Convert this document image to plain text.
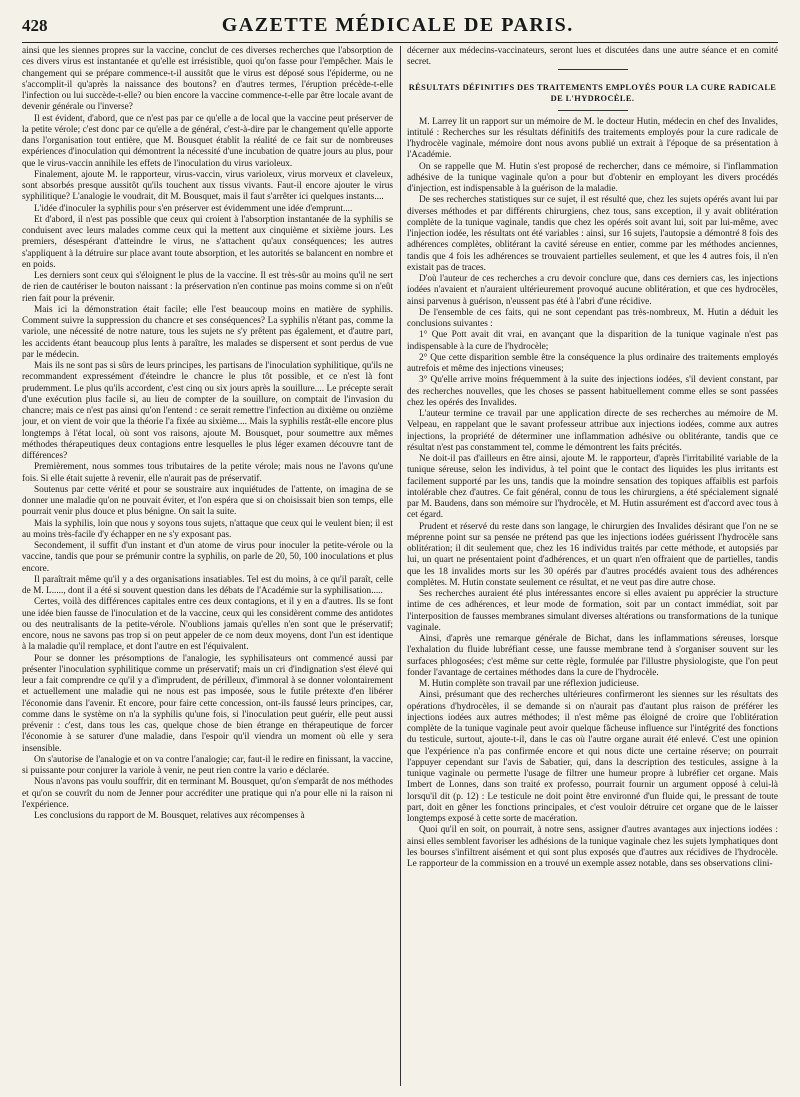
428	GAZETTE MÉDICALE DE PARIS.

ainsi que les siennes propres sur la vaccine, conclut de ces diverses recherches que l'absorption de ces divers virus est instantanée et qu'elle est irrésistible, quoi qu'on fasse pour l'empêcher. Mais le changement qui se prépare commence-t-il aussitôt que le virus est déposé sous l'épiderme, ou ne s'accomplit-il qu'après la naissance des boutons? en d'autres termes, l'éruption précède-t-elle l'infection ou lui succède-t-elle? ou bien encore la vaccine commence-t-elle par être locale avant de devenir générale ou l'inverse?

Il est évident, d'abord, que ce n'est pas par ce qu'elle a de local que la vaccine peut préserver de la petite vérole; c'est donc par ce qu'elle a de général, c'est-à-dire par le changement qu'elle apporte dans l'organisation tout entière, que M. Bousquet établit la réalité de ce fait sur de nombreuses expériences d'inoculation qui démontrent la nécessité d'une incubation de quatre jours au plus, pour que le virus-vaccin annihile les effets de l'inoculation du virus varioleux.

Finalement, ajoute M. le rapporteur, virus-vaccin, virus varioleux, virus morveux et claveleux, sont absorbés presque aussitôt qu'ils touchent aux tissus vivants. Faut-il encore ajouter le virus syphilitique? L'analogie le voudrait, dit M. Bousquet, mais il faut s'arrêter ici quelques instants....

L'idée d'inoculer la syphilis pour s'en préserver est évidemment une idée d'emprunt....

Et d'abord, il n'est pas possible que ceux qui croient à l'absorption instantanée de la syphilis se conduisent avec leurs malades comme ceux qui la mettent aux cinquième et sixième jours. Les premiers, désespérant d'atteindre le virus, ne s'attachent qu'aux conséquences; les autres s'appliquent à la détruire sur place avant toute absorption, et les autorités se balancent en nombre et en poids.

Les derniers sont ceux qui s'éloignent le plus de la vaccine. Il est très-sûr au moins qu'il ne sert de rien de cautériser le bouton naissant : la préservation n'en continue pas moins comme si on n'eût rien fait pour la prévenir.

Mais ici la démonstration était facile; elle l'est beaucoup moins en matière de syphilis. Comment suivre la suppression du chancre et ses conséquences? La syphilis n'étant pas, comme la variole, une nécessité de notre nature, tous les sujets ne s'y prêtent pas également, et d'autre part, les accidents étant beaucoup plus lents à paraître, les malades se dispersent et sont perdus de vue par le médecin.

Mais ils ne sont pas si sûrs de leurs principes, les partisans de l'inoculation syphilitique, qu'ils ne recommandent expressément d'éteindre le chancre le plus tôt possible, et ce n'est là font prudemment. Le plus qu'ils accordent, c'est cinq ou six jours après la souillure.... Le précepte serait d'une exécution plus facile si, au lieu de compter de la souillure, on comptait de l'invasion du chancre; mais ce n'est pas ainsi qu'on l'entend : ce serait remettre l'infection au dixième ou onzième jour, et on vient de voir que la théorie l'a fixée au sixième.... Mais la syphilis restât-elle encore plus longtemps à l'état local, où sont vos raisons, ajoute M. Bousquet, pour soumettre aux mêmes méthodes thérapeutiques deux contagions entre lesquelles le plus léger examen découvre tant de différences?

Premièrement, nous sommes tous tributaires de la petite vérole; mais nous ne l'avons qu'une fois. Si elle était sujette à revenir, elle n'aurait pas de préservatif.

Soutenus par cette vérité et pour se soustraire aux inquiétudes de l'attente, on imagina de se donner une maladie qu'on ne pouvait éviter, et l'on espéra que si on choisissait bien son temps, elle pourrait venir plus douce et plus bénigne. On sait la suite.

Mais la syphilis, loin que nous y soyons tous sujets, n'attaque que ceux qui le veulent bien; il est au moins très-facile d'y échapper en ne s'y exposant pas.

Secondement, il suffit d'un instant et d'un atome de virus pour inoculer la petite-vérole ou la vaccine, tandis que pour se prémunir contre la syphilis, on parle de 20, 50, 100 inoculations et plus encore.

Il paraîtrait même qu'il y a des organisations insatiables. Tel est du moins, à ce qu'il paraît, celle de M. L....., dont il a été si souvent question dans les débats de l'Académie sur la syphilisation.....

Certes, voilà des différences capitales entre ces deux contagions, et il y en a d'autres. Ils se font une idée bien fausse de l'inoculation et de la vaccine, ceux qui les considèrent comme des antidotes ou des neutralisants de la petite-vérole. N'oublions jamais qu'elles n'en sont que le préservatif; encore, nous ne savons pas trop si on peut appeler de ce nom deux moyens, dont l'un est identique à la maladie qu'il remplace, et dont l'autre en est l'équivalent.

Pour se donner les présomptions de l'analogie, les syphilisateurs ont commencé aussi par présenter l'inoculation syphilitique comme un préservatif; mais un cri d'indignation s'est élevé qui leur a fait comprendre ce qu'il y a d'imprudent, de périlleux, d'immoral à se donner volontairement et actuellement une maladie qui ne nous est pas imposée, sous le futile prétexte d'en libérer l'économie dans l'avenir. Et encore, pour faire cette concession, ont-ils faussé leurs principes, car, comme dans le système on n'a la syphilis qu'une fois, si l'inoculation peut guérir, elle peut aussi prévenir : c'est, dans tous les cas, quelque chose de bien étrange en thérapeutique de forcer l'économie à se saturer d'une maladie, dans l'espoir qu'il viendra un moment où elle y sera insensible.

On s'autorise de l'analogie et on va contre l'analogie; car, faut-il le redire en finissant, la vaccine, si puissante pour conjurer la variole à venir, ne peut rien contre la vario e déclarée.

Nous n'avons pas voulu souffrir, dit en terminant M. Bousquet, qu'on s'emparât de nos méthodes et qu'on se couvrît du nom de Jenner pour accréditer une pratique qui n'a pour elle ni la raison ni l'expérience.

Les conclusions du rapport de M. Bousquet, relatives aux récompenses à

décerner aux médecins-vaccinateurs, seront lues et discutées dans une autre séance et en comité secret.

RÉSULTATS DÉFINITIFS DES TRAITEMENTS EMPLOYÉS POUR LA CURE RADICALE DE L'HYDROCÈLE.

M. Larrey lit un rapport sur un mémoire de M. le docteur Hutin, médecin en chef des Invalides, intitulé : Recherches sur les résultats définitifs des traitements employés pour la cure radicale de l'hydrocèle vaginale, mémoire dont nous avons publié un extrait à l'époque de sa présentation à l'Académie.

On se rappelle que M. Hutin s'est proposé de rechercher, dans ce mémoire, si l'inflammation adhésive de la tunique vaginale qu'on a pour but d'obtenir en employant les divers procédés d'injection, est indispensable à la guérison de la maladie.

De ses recherches statistiques sur ce sujet, il est résulté que, chez les sujets opérés avant lui par diverses méthodes et par différents chirurgiens, chez tous, sans exception, il y avait oblitération complète de la tunique vaginale, tandis que chez les opérés soit avant lui, soit par lui-même, avec l'injection iodée, les résultats ont été variables : ainsi, sur 16 sujets, l'autopsie a démontré 8 fois des adhérences complètes, oblitérant la cavité séreuse en entier, comme par les méthodes anciennes, tandis que 4 fois les adhérences se trouvaient partielles seulement, et que les 4 autres fois, il n'en existait pas de traces.

D'où l'auteur de ces recherches a cru devoir conclure que, dans ces derniers cas, les injections iodées n'avaient et n'auraient ultérieurement provoqué aucune oblitération, et que ces hydrocèles, ainsi parvenus à guérison, n'eussent pas été à l'abri d'une récidive.

De l'ensemble de ces faits, qui ne sont cependant pas très-nombreux, M. Hutin a déduit les conclusions suivantes :

1° Que Pott avait dit vrai, en avançant que la disparition de la tunique vaginale n'est pas indispensable à la cure de l'hydrocèle;

2° Que cette disparition semble être la conséquence la plus ordinaire des traitements employés autrefois et même des injections vineuses;

3° Qu'elle arrive moins fréquemment à la suite des injections iodées, s'il devient constant, par des recherches nouvelles, que les choses se passent habituellement comme elles se sont passées chez les opérés des Invalides.

L'auteur termine ce travail par une application directe de ses recherches au mémoire de M. Velpeau, en rappelant que le savant professeur attribue aux injections iodées, comme aux autres injections, la propriété de déterminer une inflammation adhésive ou oblitérante, tandis que ce résultat n'est pas constamment tel, comme le démontrent les faits précités.

Ne doit-il pas d'ailleurs en être ainsi, ajoute M. le rapporteur, d'après l'irritabilité variable de la tunique séreuse, selon les individus, à tel point que le contact des liquides les plus irritants est facilement supporté par les uns, tandis que la moindre sensation des topiques affaiblis est parfois intolérable chez d'autres. Ce fait général, connu de tous les chirurgiens, a été spécialement signalé par M. Baudens, dans son mémoire sur l'hydrocèle, et M. Hutin assurément est d'accord avec tous à cet égard.

Prudent et réservé du reste dans son langage, le chirurgien des Invalides désirant que l'on ne se méprenne point sur sa pensée ne prétend pas que les injections iodées guérissent l'hydrocèle sans oblitération; il dit seulement que, chez les 16 individus traités par cette méthode, et autopsiés par lui, un quart ne présentaient point d'adhérences, et un quart n'en offraient que de partielles, tandis que les 18 invalides morts sur les 30 opérés par d'autres procédés avaient tous des adhérences complètes. M. Hutin constate seulement ce résultat, et ne veut pas dire autre chose.

Ses recherches auraient été plus intéressantes encore si elles avaient pu apprécier la structure intime de ces adhérences, et leur mode de formation, soit par un contact immédiat, soit par l'interposition de fausses membranes simulant diverses altérations ou transformations de la tunique vaginale.

Ainsi, d'après une remarque générale de Bichat, dans les inflammations séreuses, lorsque l'exhalation du fluide lubréfiant cesse, une fausse membrane tend à s'organiser souvent sur les surfaces phlogosées; c'est même sur cette règle, formulée par l'illustre physiologiste, que l'on peut fonder l'avantage de certaines méthodes dans la cure de l'hydrocèle.

M. Hutin complète son travail par une réflexion judicieuse.

Ainsi, présumant que des recherches ultérieures confirmeront les siennes sur les résultats des opérations d'hydrocèles, il se demande si on n'aurait pas d'autant plus raison de préférer les injections iodées aux autres méthodes; il n'est même pas éloigné de croire que l'oblitération complète de la tunique vaginale peut avoir quelque fâcheuse influence sur l'intégrité des fonctions du testicule, surtout, ajoute-t-il, dans le cas où l'autre organe aurait été enlevé. C'est une opinion que l'expérience n'a pas confirmée encore et qui nous dicte une certaine réserve; on pourrait l'appuyer cependant sur l'avis de Sabatier, qui, dans la description des testicules, assigne à la tunique vaginale ou permette l'usage de filtrer une humeur propre à lubréfier cet organe. Mais Imbert de Lonnes, dans son traité ex professo, pourrait fournir un argument opposé à celui-là lorsqu'il dit (p. 12) : Le testicule ne doit point être environné d'un fluide qui, le pressant de toute part, doit en gêner les fonctions principales, et c'est vouloir détruire cet organe que de le laisser longtemps exposé à cette sorte de macération.

Quoi qu'il en soit, on pourrait, à notre sens, assigner d'autres avantages aux injections iodées : ainsi elles semblent favoriser les adhésions de la tunique vaginale chez les sujets lymphatiques dont les bourses s'infiltrent aisément et qui sont plus exposés que d'autres aux récidives de l'hydrocèle. Le rapporteur de la commission en a trouvé un exemple assez notable, dans ses observations clini-
